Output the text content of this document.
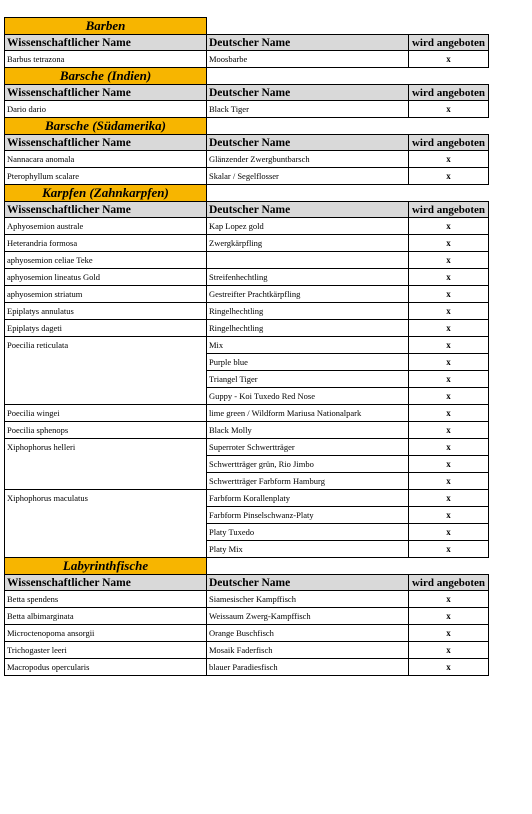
Barben		
Wissenschaftlicher Name	Deutscher Name	wird angeboten
Barbus tetrazona	Moosbarbe	x
Barsche (Indien)		
Wissenschaftlicher Name	Deutscher Name	wird angeboten
Dario dario	Black Tiger	x
Barsche (Südamerika)		
Wissenschaftlicher Name	Deutscher Name	wird angeboten
Nannacara anomala	Glänzender Zwergbuntbarsch	x
Pterophyllum scalare	Skalar / Segelflosser	x
Karpfen (Zahnkarpfen)		
Wissenschaftlicher Name	Deutscher Name	wird angeboten
Aphyosemion australe	Kap Lopez gold	x
Heterandria formosa	Zwergkärpfling	x
aphyosemion celiae Teke		x
aphyosemion lineatus Gold	Streifenhechtling	x
aphyosemion striatum	Gestreifter Prachtkärpfling	x
Epiplatys annulatus	Ringelhechtling	x
Epiplatys dageti	Ringelhechtling	x
Poecilia reticulata	Mix	x
	Purple blue	x
	Triangel Tiger	x
	Guppy - Koi Tuxedo Red Nose	x
Poecilia wingei	lime green / Wildform Mariusa Nationalpark	x
Poecilia sphenops	Black Molly	x
Xiphophorus helleri	Superroter Schwertträger	x
	Schwertträger grün, Rio Jimbo	x
	Schwertträger Farbform Hamburg	x
Xiphophorus maculatus	Farbform Korallenplaty	x
	Farbform Pinselschwanz-Platy	x
	Platy Tuxedo	x
	Platy Mix	x
Labyrinthfische		
Wissenschaftlicher Name	Deutscher Name	wird angeboten
Betta spendens	Siamesischer Kampffisch	x
Betta albimarginata	Weissaum Zwerg-Kampffisch	x
Microctenopoma ansorgii	Orange Buschfisch	x
Trichogaster leeri	Mosaik Faderfisch	x
Macropodus opercularis	blauer Paradiesfisch	x
